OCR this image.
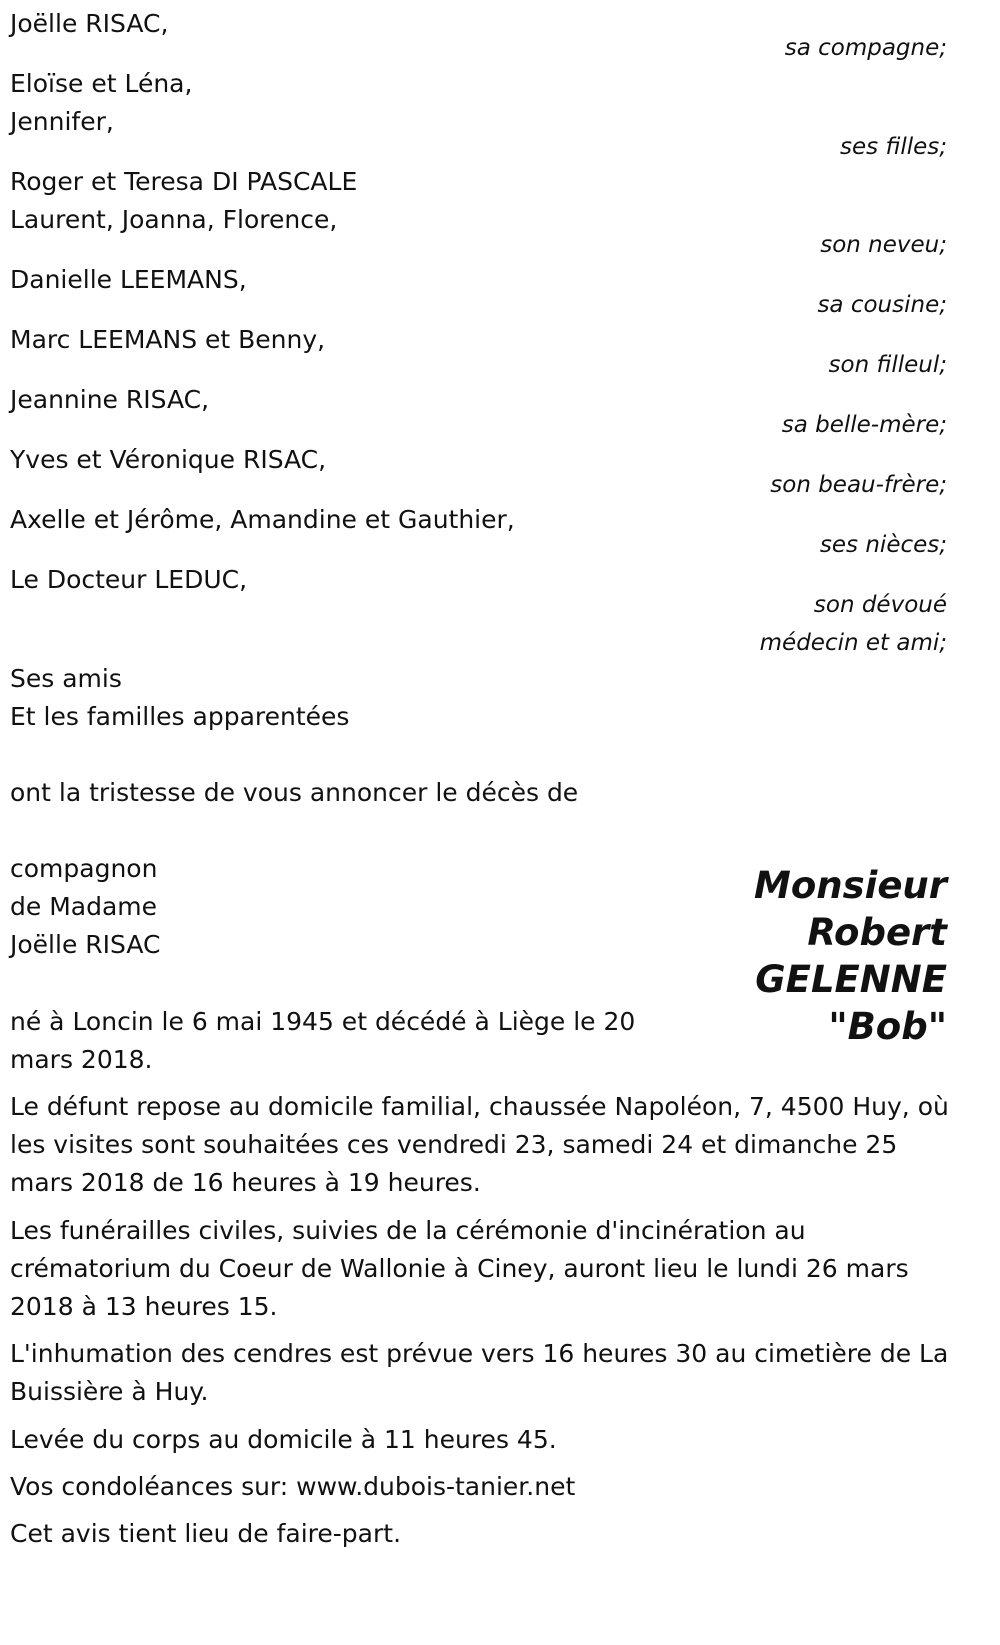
Joëlle RISAC,

Eloïse et Léna,

Jennifer,

Roger et Teresa DI PASCALE

Laurent, Joanna, Florence,

Danielle LEEMANS,

Marc LEEMANS et Benny,

Jeannine RISAC,

Yves et Véronique RISAC,

Axelle et Jérôme, Amandine et Gauthier,

Le Docteur LEDUC,

sa compagne;

ses filles;

son neveu;

sa cousine;

son filleul;

sa belle-mère;

son beau-frère;

ses nièces;

son dévoué

médecin et ami;

Ses amis

Et les familles apparentées

ont la tristesse de vous annoncer le décès de

compagnon

de Madame

Joëlle RISAC

Monsieur
Robert
GELENNE
"Bob"

né à Loncin le 6 mai 1945 et décédé à Liège le 20

mars 2018.

Le défunt repose au domicile familial, chaussée Napoléon, 7, 4500 Huy, où les visites sont souhaitées ces vendredi 23, samedi 24 et dimanche 25 mars 2018 de 16 heures à 19 heures.

Les funérailles civiles, suivies de la cérémonie d'incinération au crématorium du Coeur de Wallonie à Ciney, auront lieu le lundi 26 mars 2018 à 13 heures 15.

L'inhumation des cendres est prévue vers 16 heures 30 au cimetière de La Buissière à Huy.

Levée du corps au domicile à 11 heures 45.

Vos condoléances sur: www.dubois-tanier.net

Cet avis tient lieu de faire-part.
